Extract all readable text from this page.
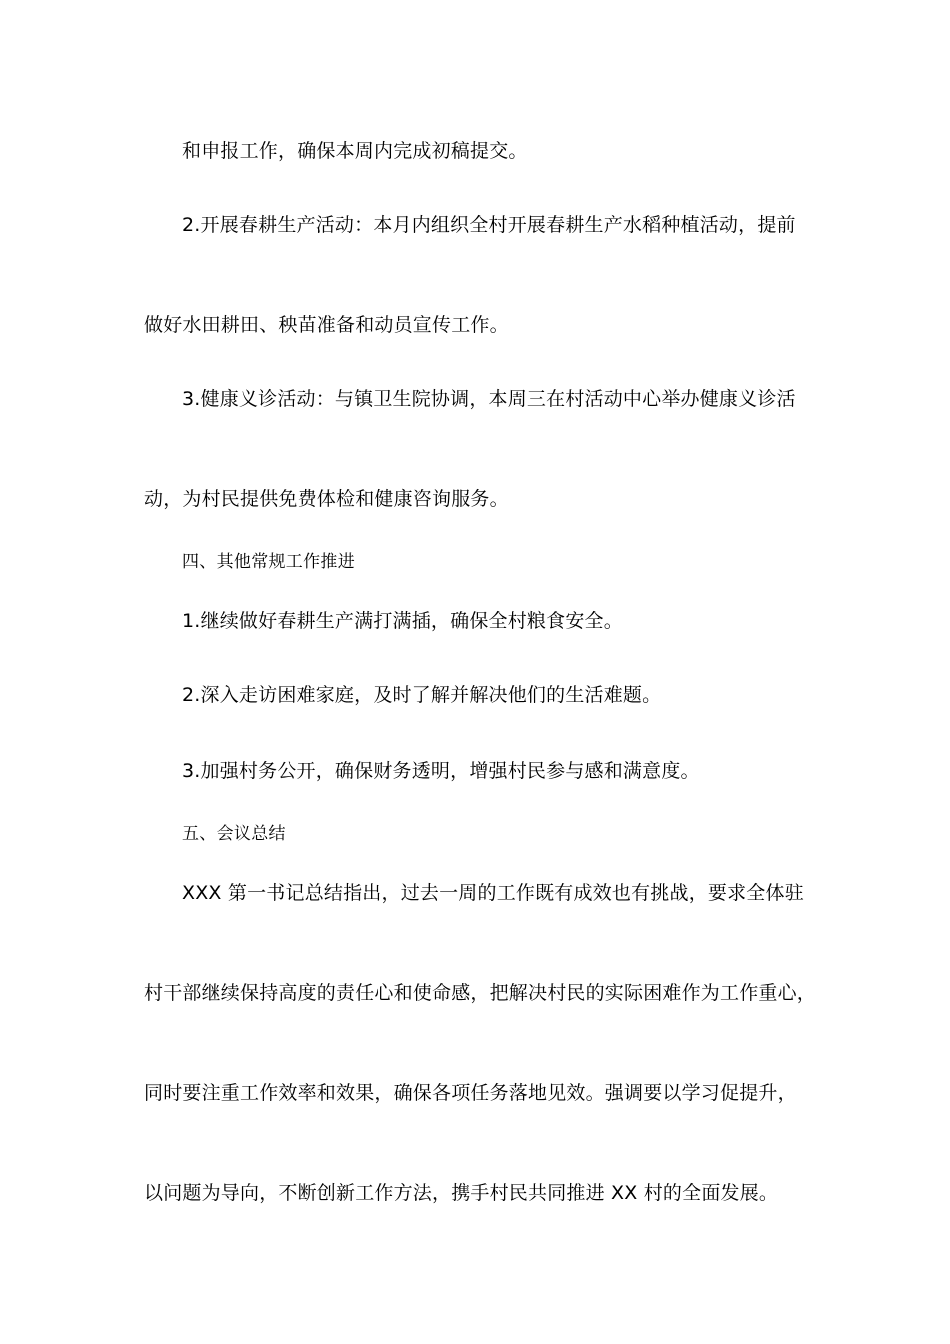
和申报工作，确保本周内完成初稿提交。
2.开展春耕生产活动：本月内组织全村开展春耕生产水稻种植活动，提前
做好水田耕田、秧苗准备和动员宣传工作。
3.健康义诊活动：与镇卫生院协调，本周三在村活动中心举办健康义诊活
动，为村民提供免费体检和健康咨询服务。
四、其他常规工作推进
1.继续做好春耕生产满打满插，确保全村粮食安全。
2.深入走访困难家庭，及时了解并解决他们的生活难题。
3.加强村务公开，确保财务透明，增强村民参与感和满意度。
五、会议总结
XXX 第一书记总结指出，过去一周的工作既有成效也有挑战，要求全体驻
村干部继续保持高度的责任心和使命感，把解决村民的实际困难作为工作重心，
同时要注重工作效率和效果，确保各项任务落地见效。强调要以学习促提升，
以问题为导向，不断创新工作方法，携手村民共同推进 XX 村的全面发展。
